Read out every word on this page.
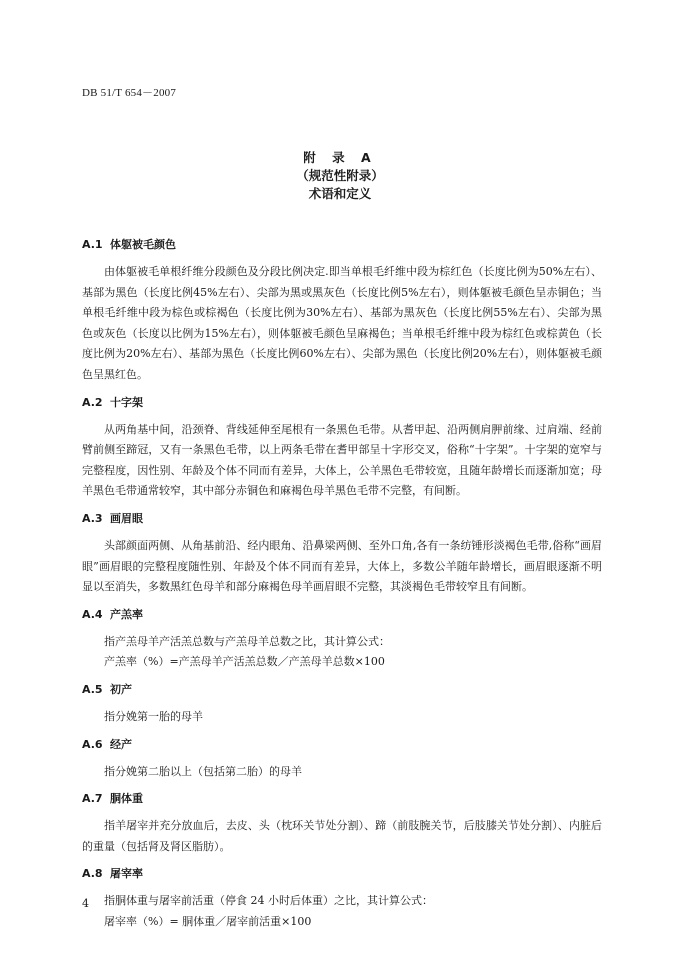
DB 51/T 654－2007
附 录 A
（规范性附录）
术语和定义
A.1 体躯被毛颜色

由体躯被毛单根纤维分段颜色及分段比例决定.即当单根毛纤维中段为棕红色（长度比例为50%左右）、基部为黑色（长度比例45%左右）、尖部为黑或黑灰色（长度比例5%左右），则体躯被毛颜色呈赤铜色；当单根毛纤维中段为棕色或棕褐色（长度比例为30%左右）、基部为黑灰色（长度比例55%左右）、尖部为黑色或灰色（长度以比例为15%左右），则体躯被毛颜色呈麻褐色；当单根毛纤维中段为棕红色或棕黄色（长度比例为20%左右）、基部为黑色（长度比例60%左右）、尖部为黑色（长度比例20%左右），则体躯被毛颜色呈黑红色。

A.2 十字架

从两角基中间，沿颈脊、背线延伸至尾根有一条黑色毛带。从耆甲起、沿两侧肩胛前缘、过肩端、经前臂前侧至蹄冠，又有一条黑色毛带，以上两条毛带在耆甲部呈十字形交叉，俗称“十字架”。十字架的宽窄与完整程度，因性别、年龄及个体不同而有差异，大体上，公羊黑色毛带较宽，且随年龄增长而逐渐加宽；母羊黑色毛带通常较窄，其中部分赤铜色和麻褐色母羊黑色毛带不完整，有间断。

A.3 画眉眼

头部颜面两侧、从角基前沿、经内眼角、沿鼻梁两侧、至外口角,各有一条纺锤形淡褐色毛带,俗称“画眉眼”画眉眼的完整程度随性别、年龄及个体不同而有差异，大体上，多数公羊随年龄增长，画眉眼逐渐不明显以至消失，多数黑红色母羊和部分麻褐色母羊画眉眼不完整，其淡褐色毛带较窄且有间断。

A.4 产羔率

指产羔母羊产活羔总数与产羔母羊总数之比，其计算公式：

产羔率（%）=产羔母羊产活羔总数／产羔母羊总数×100

A.5 初产

指分娩第一胎的母羊

A.6 经产

指分娩第二胎以上（包括第二胎）的母羊

A.7 胴体重

指羊屠宰并充分放血后，去皮、头（枕环关节处分割）、蹄（前肢腕关节，后肢膝关节处分割）、内脏后的重量（包括肾及肾区脂肪）。

A.8 屠宰率

指胴体重与屠宰前活重（停食 24 小时后体重）之比，其计算公式：

屠宰率（%）= 胴体重／屠宰前活重×100

4
